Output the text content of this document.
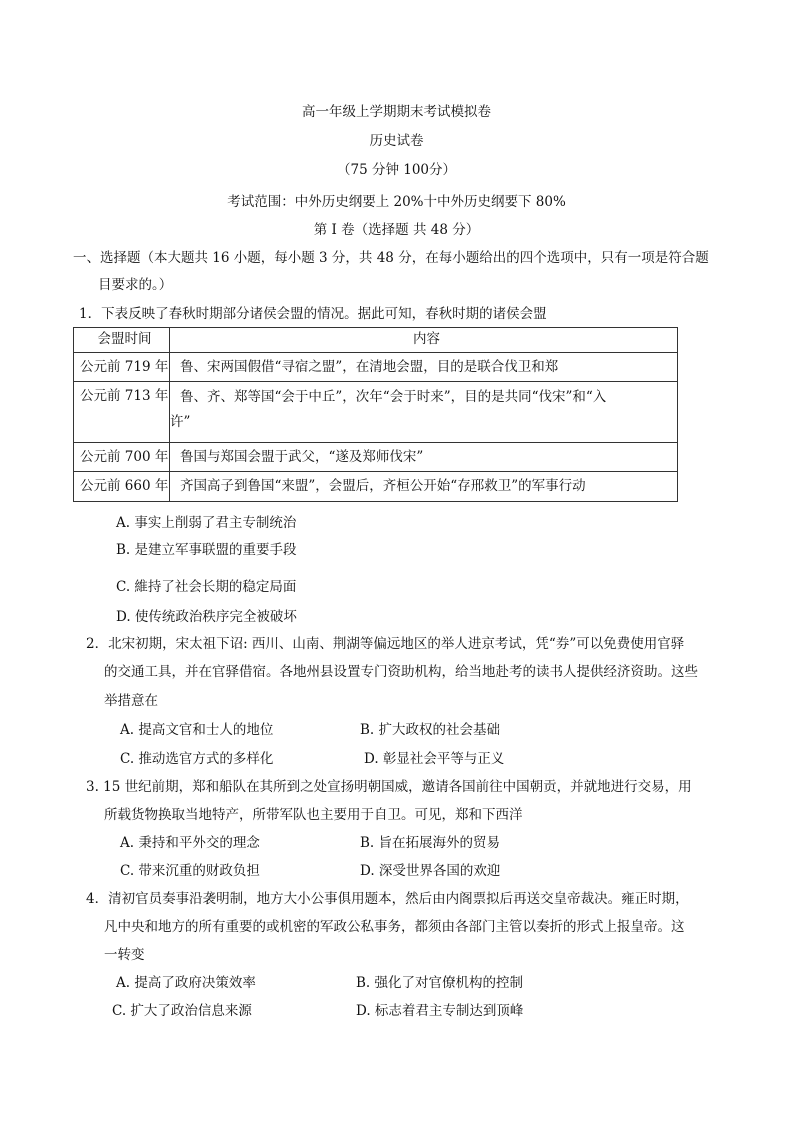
高一年级上学期期末考试模拟卷
历史试卷
（75 分钟 100分）
考试范围：中外历史纲要上 20%十中外历史纲要下 80%
第 I 卷（选择题 共 48 分）
一、选择题（本大题共 16 小题，每小题 3 分，共 48 分，在每小题给出的四个选项中，只有一项是符合题
目要求的。）
1．下表反映了春秋时期部分诸侯会盟的情况。据此可知，春秋时期的诸侯会盟
会盟时间	内容
公元前 719 年	鲁、宋两国假借“寻宿之盟”，在清地会盟，目的是联合伐卫和郑
公元前 713 年	鲁、齐、郑等国“会于中丘”，次年“会于时来”，目的是共同“伐宋”和“入
许”

公元前 700 年	鲁国与郑国会盟于武父，“遂及郑师伐宋”
公元前 660 年	齐国高子到鲁国“来盟”，会盟后，齐桓公开始“存邢救卫”的军事行动
A. 事实上削弱了君主专制统治
B. 是建立军事联盟的重要手段
C. 維持了社会长期的稳定局面
D. 使传统政治秩序完全被破坏
2．北宋初期，宋太祖下诏: 西川、山南、荆湖等偏远地区的举人进京考试，凭“券”可以免费使用官驿
的交通工具，并在官驿借宿。各地州县设置专门资助机构，给当地赴考的读书人提供经济资助。这些
举措意在
A. 提高文官和士人的地位	B. 扩大政权的社会基础
C. 推动选官方式的多样化	D. 彰显社会平等与正义
3. 15 世纪前期，郑和船队在其所到之处宣扬明朝国威，邀请各国前往中国朝贡，并就地进行交易，用
所载货物换取当地特产，所带军队也主要用于自卫。可见，郑和下西洋
A. 秉持和平外交的理念	B. 旨在拓展海外的贸易
C. 带来沉重的财政负担	D. 深受世界各国的欢迎
4．清初官员奏事沿袭明制，地方大小公事俱用题本，然后由内阁票拟后再送交皇帝裁决。雍正时期，
凡中央和地方的所有重要的或机密的军政公私事务，都须由各部门主管以奏折的形式上报皇帝。这
一转变
A. 提高了政府决策效率	B. 强化了对官僚机构的控制
C. 扩大了政治信息来源	D. 标志着君主专制达到顶峰
